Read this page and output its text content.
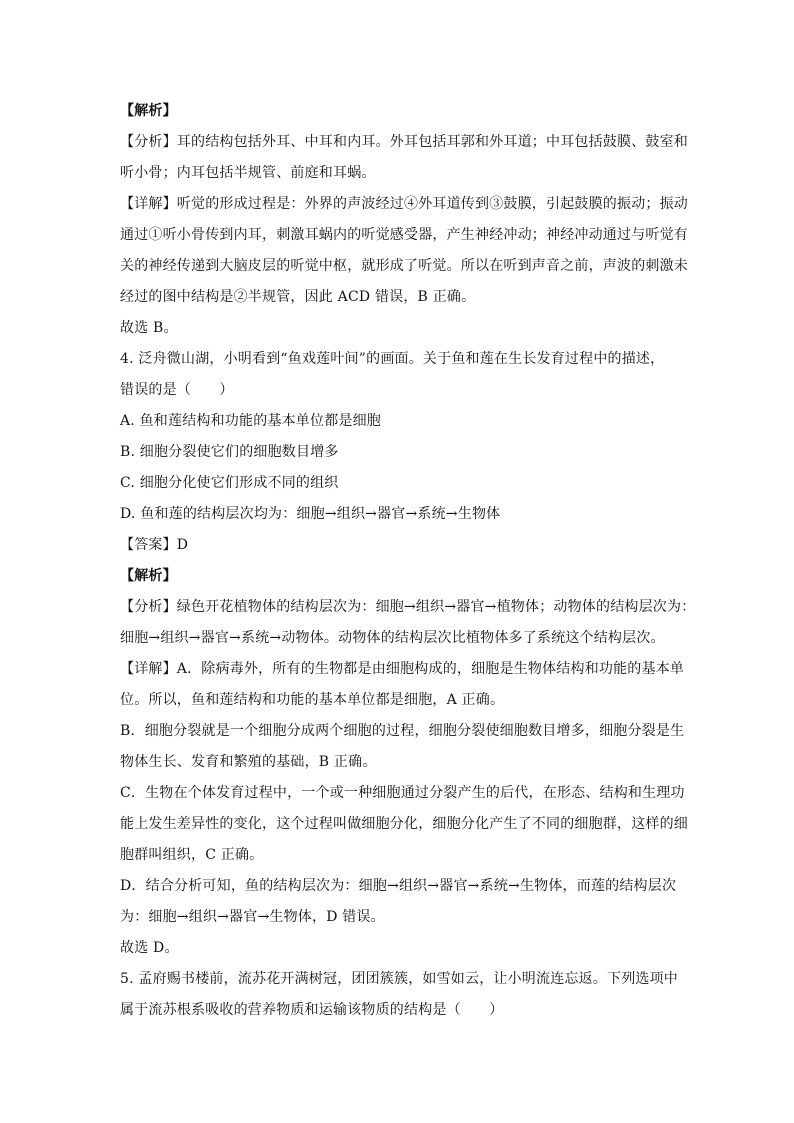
【解析】
【分析】耳的结构包括外耳、中耳和内耳。外耳包括耳郭和外耳道；中耳包括鼓膜、鼓室和
听小骨；内耳包括半规管、前庭和耳蜗。
【详解】听觉的形成过程是：外界的声波经过④外耳道传到③鼓膜，引起鼓膜的振动；振动
通过①听小骨传到内耳，刺激耳蜗内的听觉感受器，产生神经冲动；神经冲动通过与听觉有
关的神经传递到大脑皮层的听觉中枢，就形成了听觉。所以在听到声音之前，声波的刺激未
经过的图中结构是②半规管，因此 ACD 错误，B 正确。
故选 B。
4. 泛舟微山湖，小明看到“鱼戏莲叶间”的画面。关于鱼和莲在生长发育过程中的描述，
错误的是（　　）
A. 鱼和莲结构和功能的基本单位都是细胞
B. 细胞分裂使它们的细胞数目增多
C. 细胞分化使它们形成不同的组织
D. 鱼和莲的结构层次均为：细胞→组织→器官→系统→生物体
【答案】D
【解析】
【分析】绿色开花植物体的结构层次为：细胞→组织→器官→植物体；动物体的结构层次为：
细胞→组织→器官→系统→动物体。动物体的结构层次比植物体多了系统这个结构层次。
【详解】A．除病毒外，所有的生物都是由细胞构成的，细胞是生物体结构和功能的基本单
位。所以，鱼和莲结构和功能的基本单位都是细胞，A 正确。
B．细胞分裂就是一个细胞分成两个细胞的过程，细胞分裂使细胞数目增多，细胞分裂是生
物体生长、发育和繁殖的基础，B 正确。
C．生物在个体发育过程中，一个或一种细胞通过分裂产生的后代，在形态、结构和生理功
能上发生差异性的变化，这个过程叫做细胞分化，细胞分化产生了不同的细胞群，这样的细
胞群叫组织，C 正确。
D．结合分析可知，鱼的结构层次为：细胞→组织→器官→系统→生物体，而莲的结构层次
为：细胞→组织→器官→生物体，D 错误。
故选 D。
5. 孟府赐书楼前，流苏花开满树冠，团团簇簇，如雪如云，让小明流连忘返。下列选项中
属于流苏根系吸收的营养物质和运输该物质的结构是（　　）
